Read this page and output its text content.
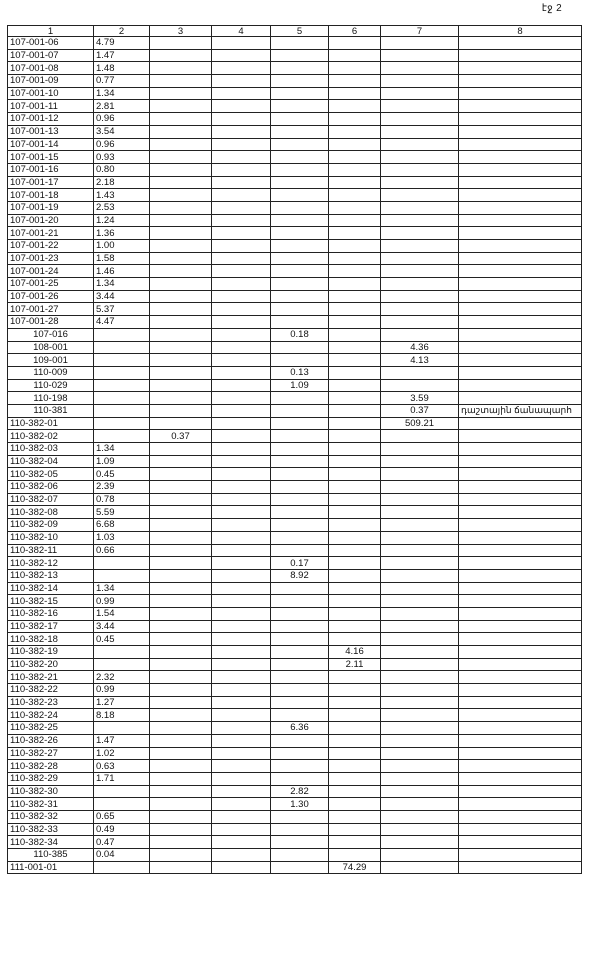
էջ 2
1	2	3	4	5	6	7	8
107-001-06	4.79						
107-001-07	1.47						
107-001-08	1.48						
107-001-09	0.77						
107-001-10	1.34						
107-001-11	2.81						
107-001-12	0.96						
107-001-13	3.54						
107-001-14	0.96						
107-001-15	0.93						
107-001-16	0.80						
107-001-17	2.18						
107-001-18	1.43						
107-001-19	2.53						
107-001-20	1.24						
107-001-21	1.36						
107-001-22	1.00						
107-001-23	1.58						
107-001-24	1.46						
107-001-25	1.34						
107-001-26	3.44						
107-001-27	5.37						
107-001-28	4.47						
107-016				0.18			
108-001						4.36	
109-001						4.13	
110-009				0.13			
110-029				1.09			
110-198						3.59	
110-381						0.37	դաշտային ճանապարհ

110-382-01						509.21	
110-382-02		0.37					
110-382-03	1.34						
110-382-04	1.09						
110-382-05	0.45						
110-382-06	2.39						
110-382-07	0.78						
110-382-08	5.59						
110-382-09	6.68						
110-382-10	1.03						
110-382-11	0.66						
110-382-12				0.17			
110-382-13				8.92			
110-382-14	1.34						
110-382-15	0.99						
110-382-16	1.54						
110-382-17	3.44						
110-382-18	0.45						
110-382-19					4.16		
110-382-20					2.11		
110-382-21	2.32						
110-382-22	0.99						
110-382-23	1.27						
110-382-24	8.18						
110-382-25				6.36			
110-382-26	1.47						
110-382-27	1.02						
110-382-28	0.63						
110-382-29	1.71						
110-382-30				2.82			
110-382-31				1.30			
110-382-32	0.65						
110-382-33	0.49						
110-382-34	0.47						
110-385	0.04						
111-001-01					74.29		
